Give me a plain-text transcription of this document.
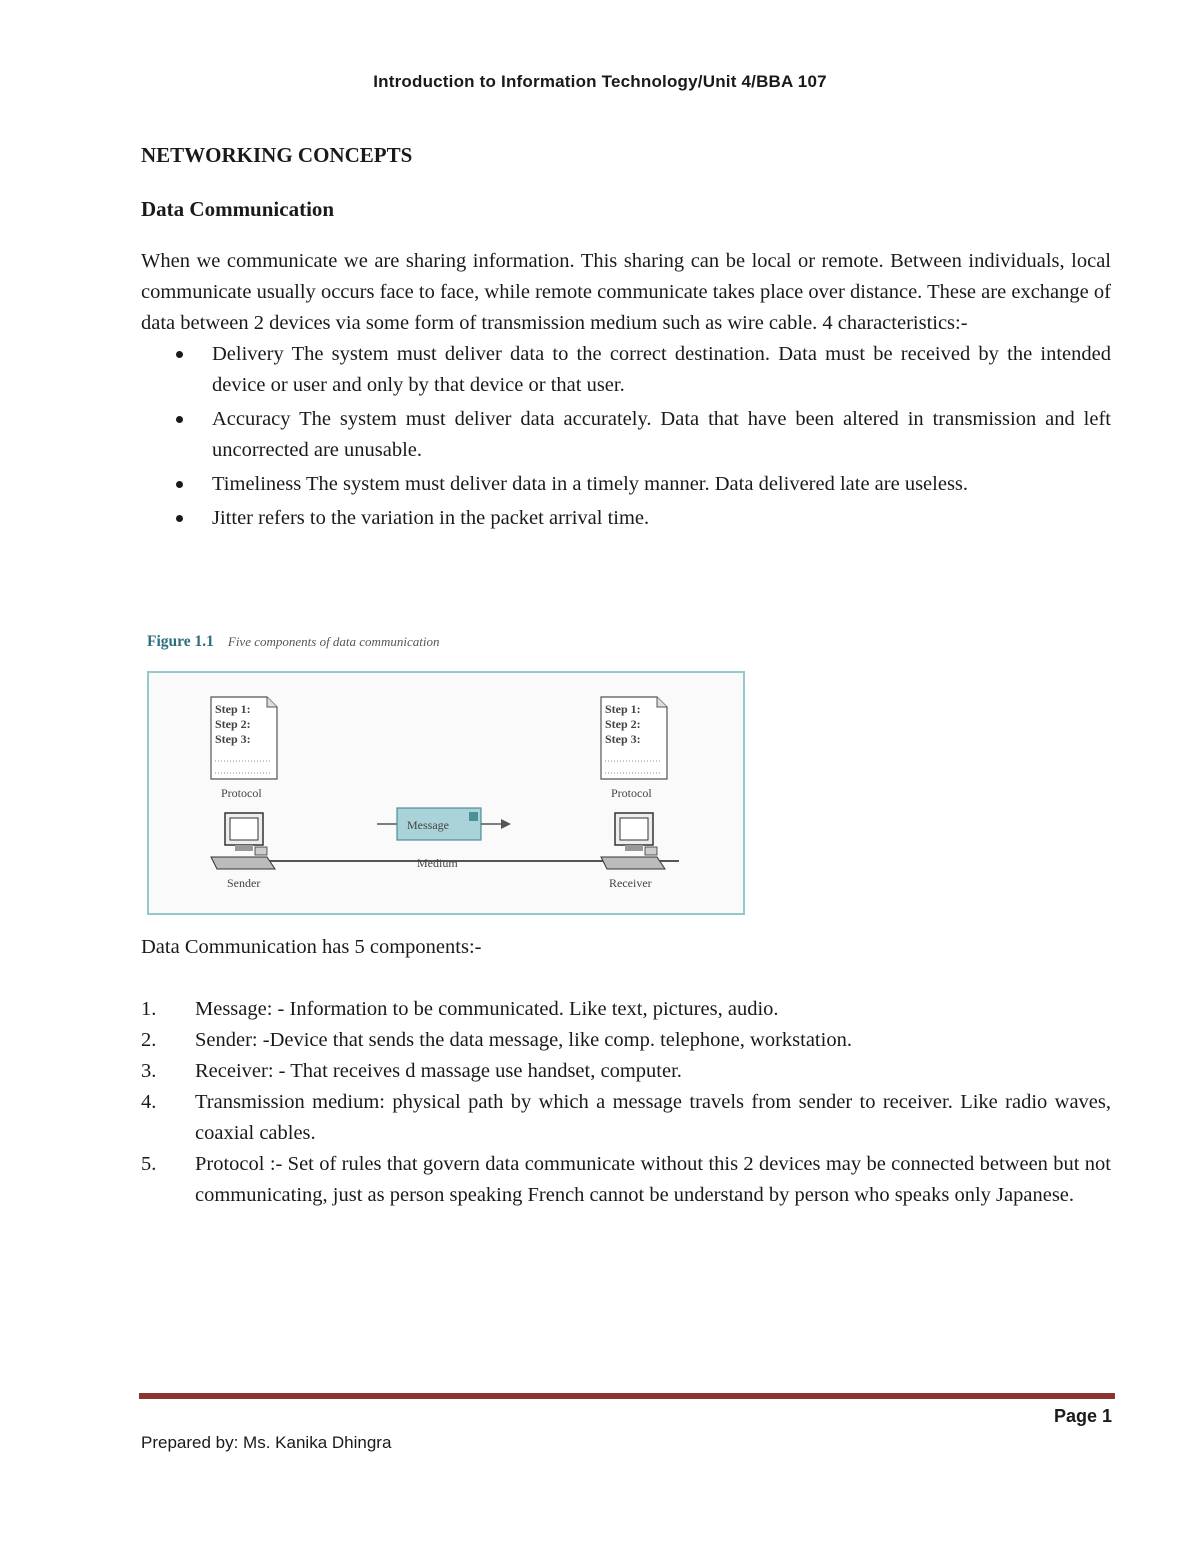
Introduction to Information Technology/Unit 4/BBA 107
NETWORKING CONCEPTS
Data Communication

When we communicate we are sharing information. This sharing can be local or remote. Between individuals, local communicate usually occurs face to face, while remote communicate takes place over distance. These are exchange of data between 2 devices via some form of transmission medium such as wire cable. 4 characteristics:-

Delivery The system must deliver data to the correct destination. Data must be received by the intended device or user and only by that device or that user.
Accuracy The system must deliver data accurately. Data that have been altered in transmission and left uncorrected are unusable.
Timeliness The system must deliver data in a timely manner. Data delivered late are useless.
Jitter refers to the variation in the packet arrival time.
Figure 1.1 Five components of data communication
Step 1:
Step 2:
Step 3:
Protocol
Step 1:
Step 2:
Step 3:
Protocol
Sender	Receiver
Message
Medium
Data Communication has 5 components:-
1. Message: - Information to be communicated. Like text, pictures, audio.
2. Sender: -Device that sends the data message, like comp. telephone, workstation.
3. Receiver: - That receives d massage use handset, computer.
4. Transmission medium: physical path by which a message travels from sender to receiver. Like radio waves, coaxial cables.
5. Protocol :- Set of rules that govern data communicate without this 2 devices may be connected between but not communicating, just as person speaking French cannot be understand by person who speaks only Japanese.
Page 1
Prepared by: Ms. Kanika Dhingra
